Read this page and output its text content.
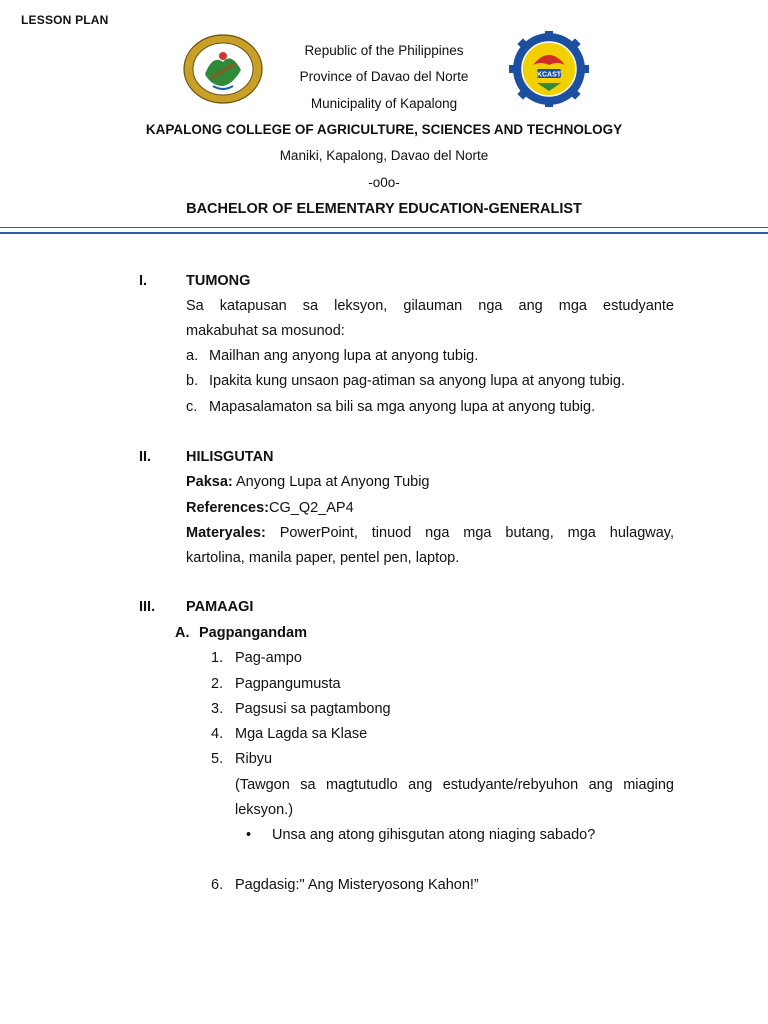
LESSON PLAN
KCAST
Republic of the Philippines
Province of Davao del Norte
Municipality of Kapalong
KAPALONG COLLEGE OF AGRICULTURE, SCIENCES AND TECHNOLOGY
Maniki, Kapalong, Davao del Norte
-o0o-
BACHELOR OF ELEMENTARY EDUCATION-GENERALIST
I.	TUMONG
Sa katapusan sa leksyon, gilauman nga ang mga estudyante
makabuhat sa mosunod:
a. Mailhan ang anyong lupa at anyong tubig.
b. Ipakita kung unsaon pag-atiman sa anyong lupa at anyong tubig.
c. Mapasalamaton sa bili sa mga anyong lupa at anyong tubig.
II. HILISGUTAN
Paksa: Anyong Lupa at Anyong Tubig
References:CG_Q2_AP4
Materyales: PowerPoint, tinuod nga mga butang, mga hulagway,
kartolina, manila paper, pentel pen, laptop.
III. PAMAAGI
A. Pagpangandam
1. Pag-ampo
2. Pagpangumusta
3. Pagsusi sa pagtambong
4. Mga Lagda sa Klase
5. Ribyu
(Tawgon sa magtutudlo ang estudyante/rebyuhon ang miaging
leksyon.)
• Unsa ang atong gihisgutan atong niaging sabado?
6. Pagdasig:" Ang Misteryosong Kahon!”
